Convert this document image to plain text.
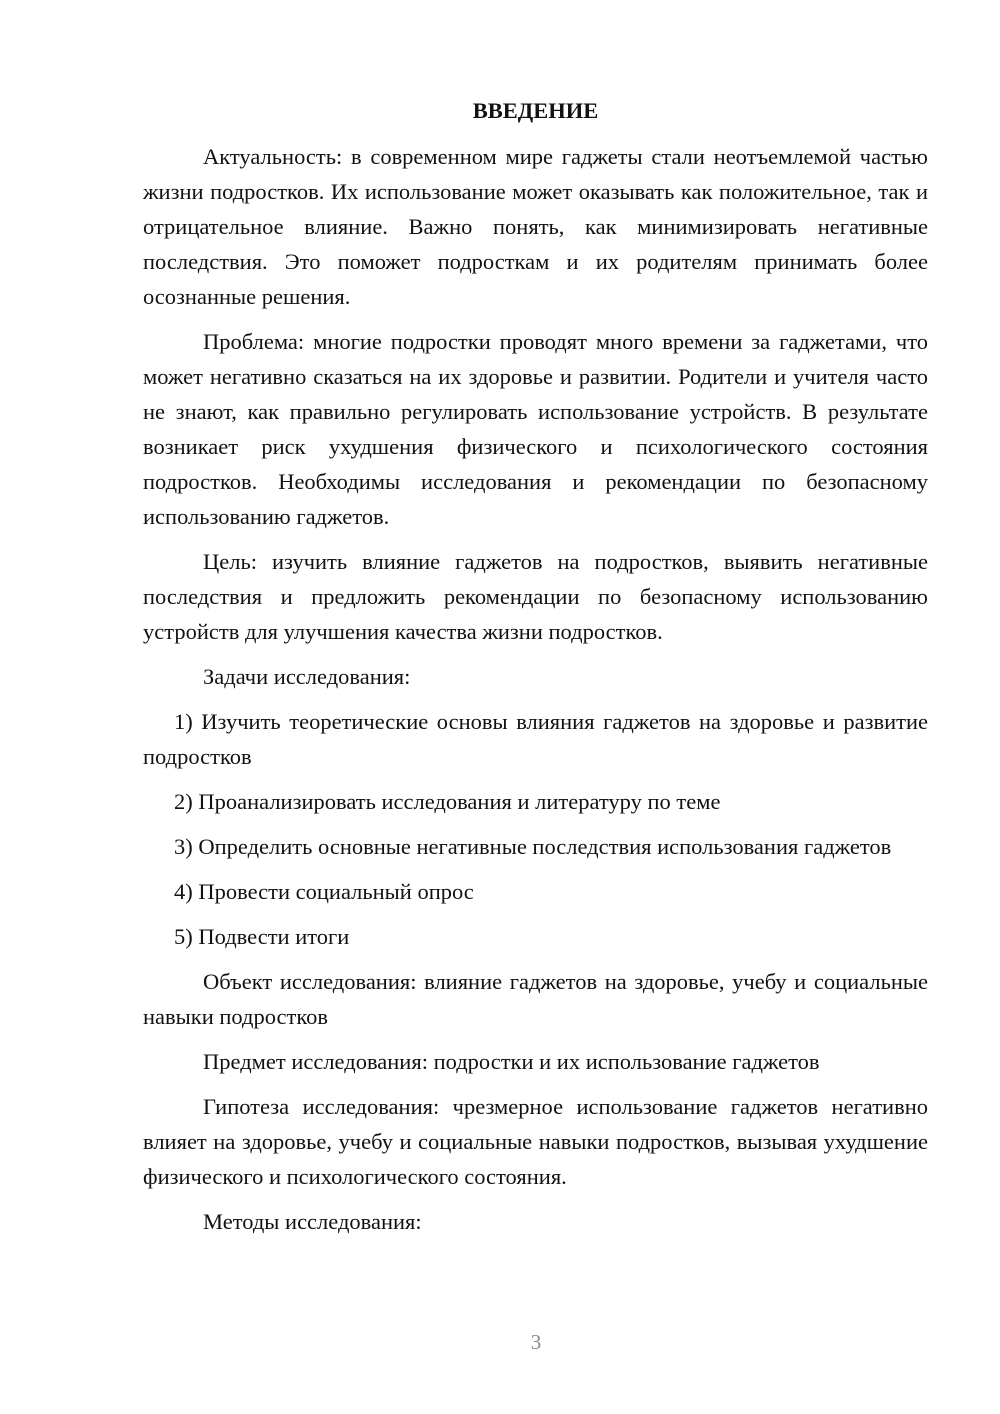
ВВЕДЕНИЕ

Актуальность: в современном мире гаджеты стали неотъемлемой частью жизни подростков. Их использование может оказывать как положительное, так и отрицательное влияние. Важно понять, как минимизировать негативные последствия. Это поможет подросткам и их родителям принимать более осознанные решения.

Проблема: многие подростки проводят много времени за гаджетами, что может негативно сказаться на их здоровье и развитии. Родители и учителя часто не знают, как правильно регулировать использование устройств. В результате возникает риск ухудшения физического и психологического состояния подростков. Необходимы исследования и рекомендации по безопасному использованию гаджетов.

Цель: изучить влияние гаджетов на подростков, выявить негативные последствия и предложить рекомендации по безопасному использованию устройств для улучшения качества жизни подростков.

Задачи исследования:

1) Изучить теоретические основы влияния гаджетов на здоровье и развитие подростков

2) Проанализировать исследования и литературу по теме

3) Определить основные негативные последствия использования гаджетов

4) Провести социальный опрос

5) Подвести итоги

Объект исследования: влияние гаджетов на здоровье, учебу и социальные навыки подростков

Предмет исследования: подростки и их использование гаджетов

Гипотеза исследования: чрезмерное использование гаджетов негативно влияет на здоровье, учебу и социальные навыки подростков, вызывая ухудшение физического и психологического состояния.

Методы исследования:

3
